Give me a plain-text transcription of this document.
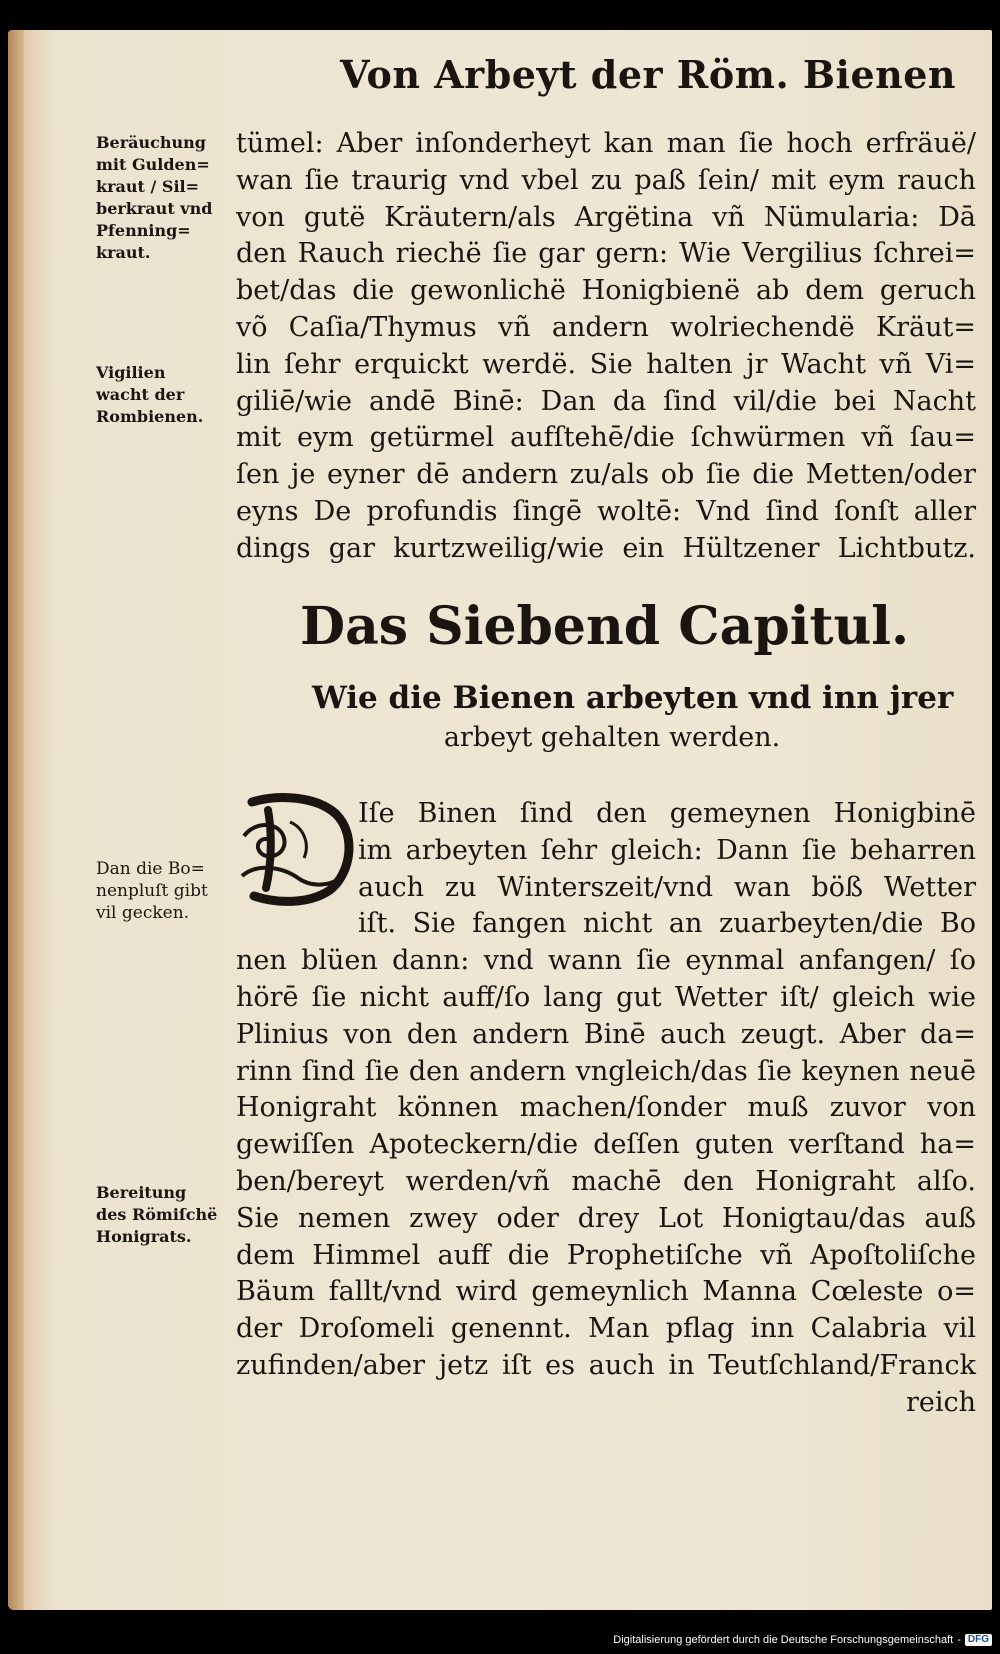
Von Arbeyt der Röm. Bienen
Beräuchung
mit Gulden=
kraut / Sil=
berkraut vnd
Pfenning=
kraut.
Vigilien
wacht der
Rombienen.
Dan die Bo=
nenpluſt gibt
vil gecken.
Bereitung
des Römiſchë
Honigrats.
tümel: Aber inſonderheyt kan man ſie hoch erfräuë/
wan ſie traurig vnd vbel zu paß ſein/ mit eym rauch
von gutë Kräutern/als Argëtina vñ Nümularia: Dā
den Rauch riechë ſie gar gern: Wie Vergilius ſchrei=
bet/das die gewonlichë Honigbienë ab dem geruch
võ Caſia/Thymus vñ andern wolriechendë Kräut=
lin ſehr erquickt werdë. Sie halten jr Wacht vñ Vi=
giliē/wie andē Binē: Dan da ſind vil/die bei Nacht
mit eym getürmel aufſtehē/die ſchwürmen vñ ſau=
ſen je eyner dē andern zu/als ob ſie die Metten/oder
eyns De profundis ſingē woltē: Vnd ſind ſonſt aller
dings gar kurtzweilig/wie ein Hültzener Lichtbutz.
Das Siebend Capitul.
Wie die Bienen arbeyten vnd inn jrer
arbeyt gehalten werden.
Iſe Binen ſind den gemeynen Honigbinē
im arbeyten ſehr gleich: Dann ſie beharren
auch zu Winterszeit/vnd wan böß Wetter
iſt. Sie fangen nicht an zuarbeyten/die Bo
nen blüen dann: vnd wann ſie eynmal anfangen/ ſo
hörē ſie nicht auff/ſo lang gut Wetter iſt/ gleich wie
Plinius von den andern Binē auch zeugt. Aber da=
rinn ſind ſie den andern vngleich/das ſie keynen neuē
Honigraht können machen/ſonder muß zuvor von
gewiſſen Apoteckern/die deſſen guten verſtand ha=
ben/bereyt werden/vñ machē den Honigraht alſo.
Sie nemen zwey oder drey Lot Honigtau/das auß
dem Himmel auff die Prophetiſche vñ Apoſtoliſche
Bäum fallt/vnd wird gemeynlich Manna Cœleste o=
der Droſomeli genennt. Man pflag inn Calabria vil
zufinden/aber jetz iſt es auch in Teutſchland/Franck
reich
Digitalisierung gefördert durch die Deutsche Forschungsgemeinschaft - DFG
